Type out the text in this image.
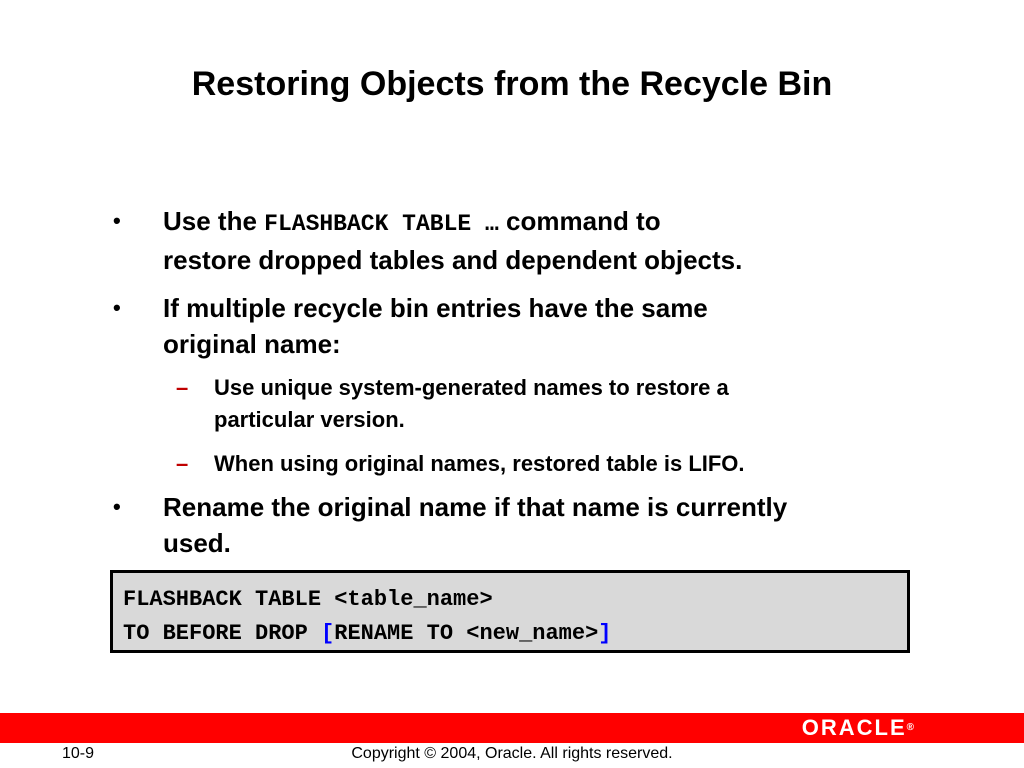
Restoring Objects from the Recycle Bin
• Use the FLASHBACK TABLE … command to
restore dropped tables and dependent objects.
• If multiple recycle bin entries have the same
original name:
– Use unique system-generated names to restore a
particular version.
– When using original names, restored table is LIFO.
• Rename the original name if that name is currently
used.
FLASHBACK TABLE <table_name>
TO BEFORE DROP [RENAME TO <new_name>]
ORACLE®
10-9	Copyright © 2004, Oracle. All rights reserved.
